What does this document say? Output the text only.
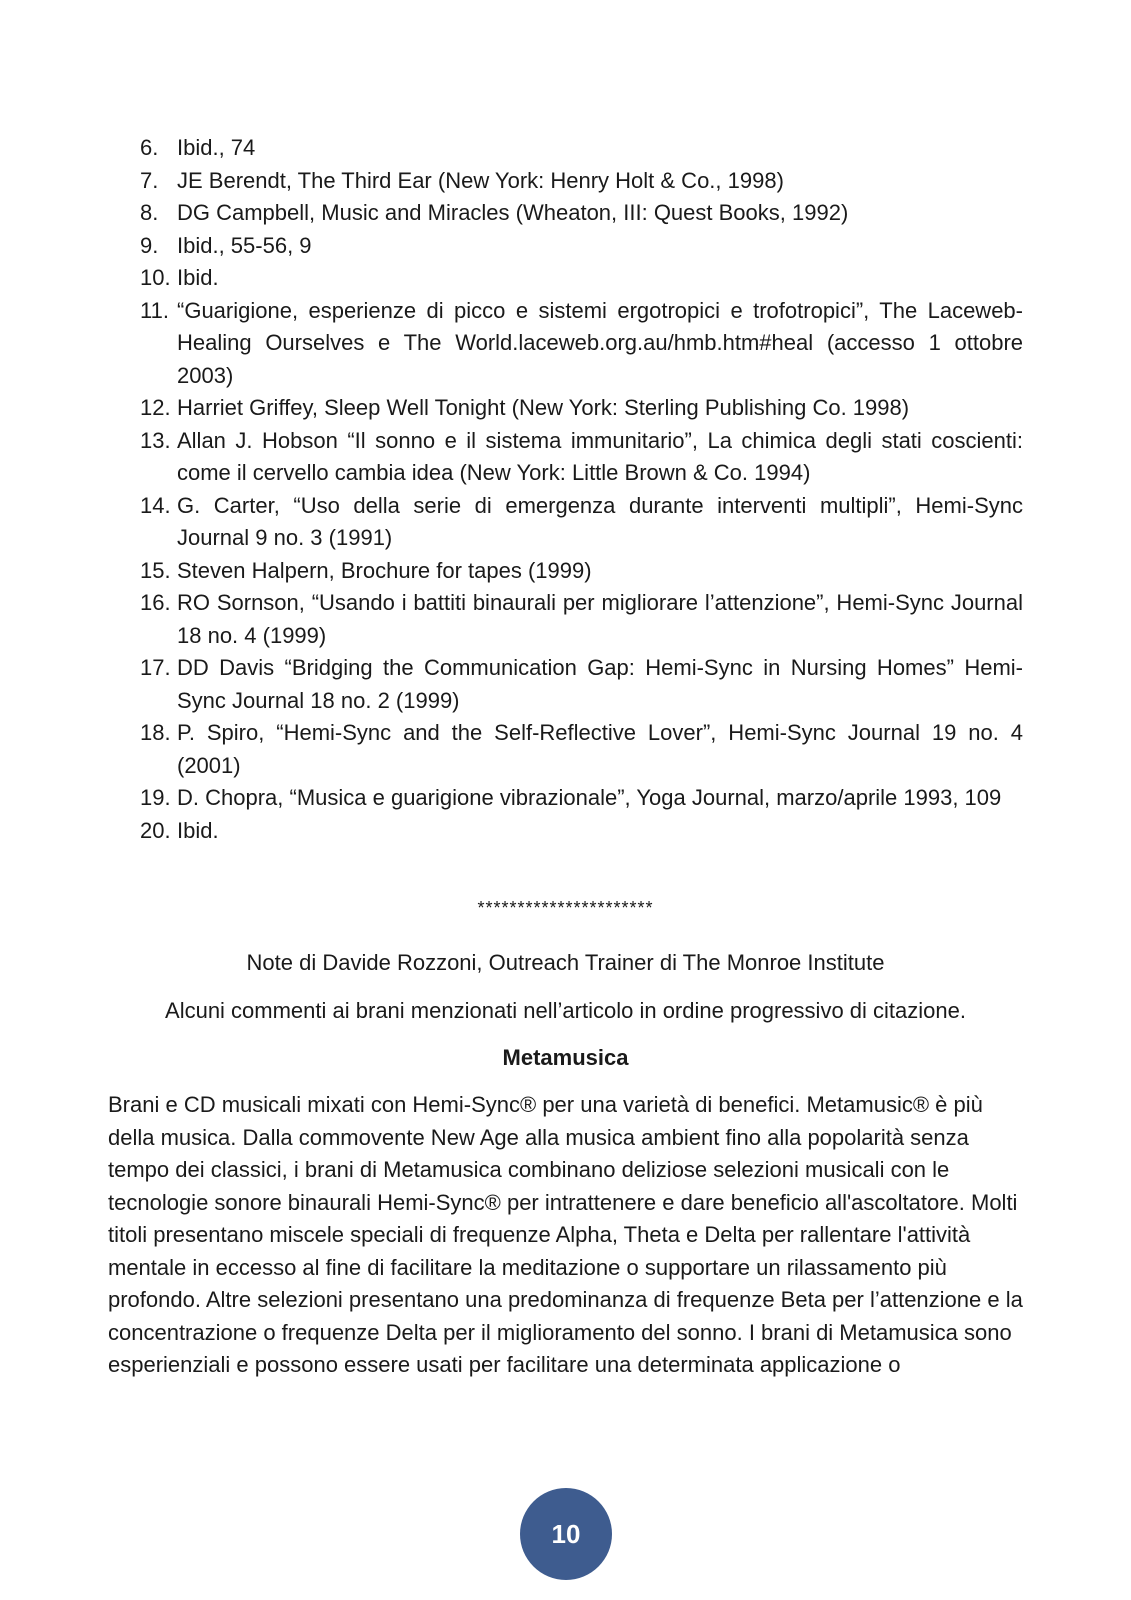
6. Ibid., 74
7. JE Berendt, The Third Ear (New York: Henry Holt & Co., 1998)
8. DG Campbell, Music and Miracles (Wheaton, III: Quest Books, 1992)
9. Ibid., 55-56, 9
10. Ibid.
11. “Guarigione, esperienze di picco e sistemi ergotropici e trofotropici”, The Laceweb-Healing Ourselves e The World.laceweb.org.au/hmb.htm#heal (accesso 1 ottobre 2003)
12. Harriet Griffey, Sleep Well Tonight (New York: Sterling Publishing Co. 1998)
13. Allan J. Hobson “Il sonno e il sistema immunitario”, La chimica degli stati coscienti: come il cervello cambia idea (New York: Little Brown & Co. 1994)
14. G. Carter, “Uso della serie di emergenza durante interventi multipli”, Hemi-Sync Journal 9 no. 3 (1991)
15. Steven Halpern, Brochure for tapes (1999)
16. RO Sornson, “Usando i battiti binaurali per migliorare l’attenzione”, Hemi-Sync Journal 18 no. 4 (1999)
17. DD Davis “Bridging the Communication Gap: Hemi-Sync in Nursing Homes” Hemi-Sync Journal 18 no. 2 (1999)
18. P. Spiro, “Hemi-Sync and the Self-Reflective Lover”, Hemi-Sync Journal 19 no. 4 (2001)
19. D. Chopra, “Musica e guarigione vibrazionale”, Yoga Journal, marzo/aprile 1993, 109
20. Ibid.
**********************
Note di Davide Rozzoni, Outreach Trainer di The Monroe Institute
Alcuni commenti ai brani menzionati nell’articolo in ordine progressivo di citazione.
Metamusica

Brani e CD musicali mixati con Hemi-Sync® per una varietà di benefici. Metamusic® è più della musica. Dalla commovente New Age alla musica ambient fino alla popolarità senza tempo dei classici, i brani di Metamusica combinano deliziose selezioni musicali con le tecnologie sonore binaurali Hemi-Sync® per intrattenere e dare beneficio all'ascoltatore. Molti titoli presentano miscele speciali di frequenze Alpha, Theta e Delta per rallentare l'attività mentale in eccesso al fine di facilitare la meditazione o supportare un rilassamento più profondo. Altre selezioni presentano una predominanza di frequenze Beta per l’attenzione e la concentrazione o frequenze Delta per il miglioramento del sonno. I brani di Metamusica sono esperienziali e possono essere usati per facilitare una determinata applicazione o

10
